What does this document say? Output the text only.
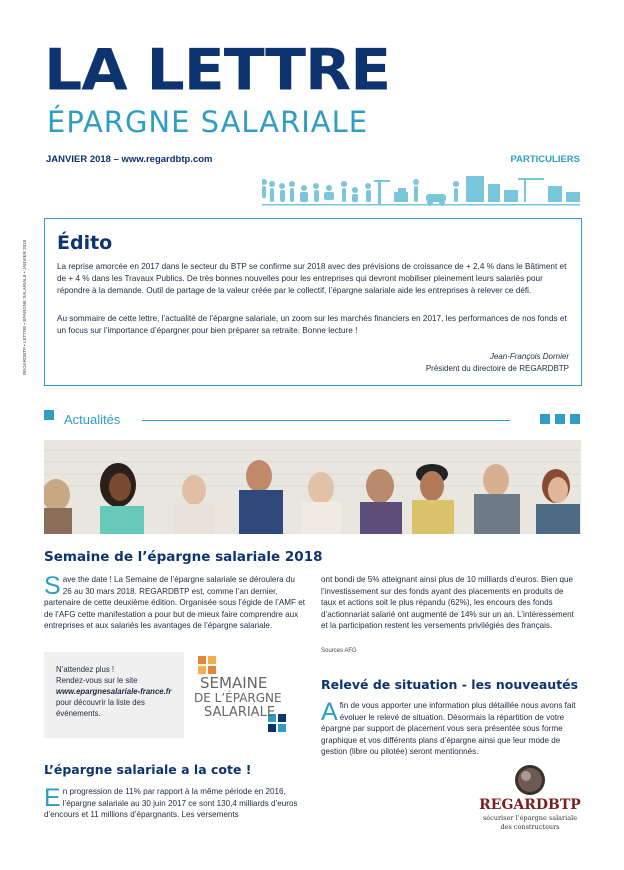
LA LETTRE
ÉPARGNE SALARIALE
JANVIER 2018 – www.regardbtp.com	PARTICULIERS
REGARDBTP • LETTRE • ÉPARGNE SALARIALE • JANVIER 2018 Édito
La reprise amorcée en 2017 dans le secteur du BTP se confirme sur 2018 avec des prévisions de croissance de + 2,4 % dans le Bâtiment et de + 4 % dans les Travaux Publics. De très bonnes nouvelles pour les entreprises qui devront mobiliser pleinement leurs salariés pour répondre à la demande. Outil de partage de la valeur créée par le collectif, l’épargne salariale aide les entreprises à relever ce défi.
Au sommaire de cette lettre, l’actualité de l’épargne salariale, un zoom sur les marchés financiers en 2017, les performances de nos fonds et un focus sur l’importance d’épargner pour bien préparer sa retraite. Bonne lecture !
Jean-François Dornier
Président du directoire de REGARDBTP
Actualités
Semaine de l’épargne salariale 2018
S ave the date ! La Semaine de l’épargne salariale se déroulera du 26 au 30 mars 2018. REGARDBTP est, comme l’an dernier, partenaire de cette deuxième édition. Organisée sous l’égide de l’AMF et de l’AFG cette manifestation a pour but de mieux faire comprendre aux entreprises et aux salariés les avantages de l’épargne salariale.
ont bondi de 5% atteignant ainsi plus de 10 milliards d’euros. Bien que l’investissement sur des fonds ayant des placements en produits de taux et actions soit le plus répandu (62%), les encours des fonds d’actionnariat salarié ont augmenté de 14% sur un an. L’intéressement et la participation restent les versements privilégiés des français.
Sources AFG
N’attendez plus !
Rendez-vous sur le site
www.epargnesalariale-france.fr
pour découvrir la liste des événements.
SEMAINE
DE L’ÉPARGNE
SALARIALE
L’épargne salariale a la cote !
E n progression de 11% par rapport à la même période en 2016, l’épargne salariale au 30 juin 2017 ce sont 130,4 milliards d’euros d’encours et 11 millions d’épargnants. Les versements
Relevé de situation - les nouveautés
A fin de vous apporter une information plus détaillée nous avons fait évoluer le relevé de situation. Désormais la répartition de votre épargne par support de placement vous sera présentée sous forme graphique et vos différents plans d’épargne ainsi que leur mode de gestion (libre ou pilotée) seront mentionnés.
REGARDBTP
sécuriser l’épargne salariale
des constructeurs
